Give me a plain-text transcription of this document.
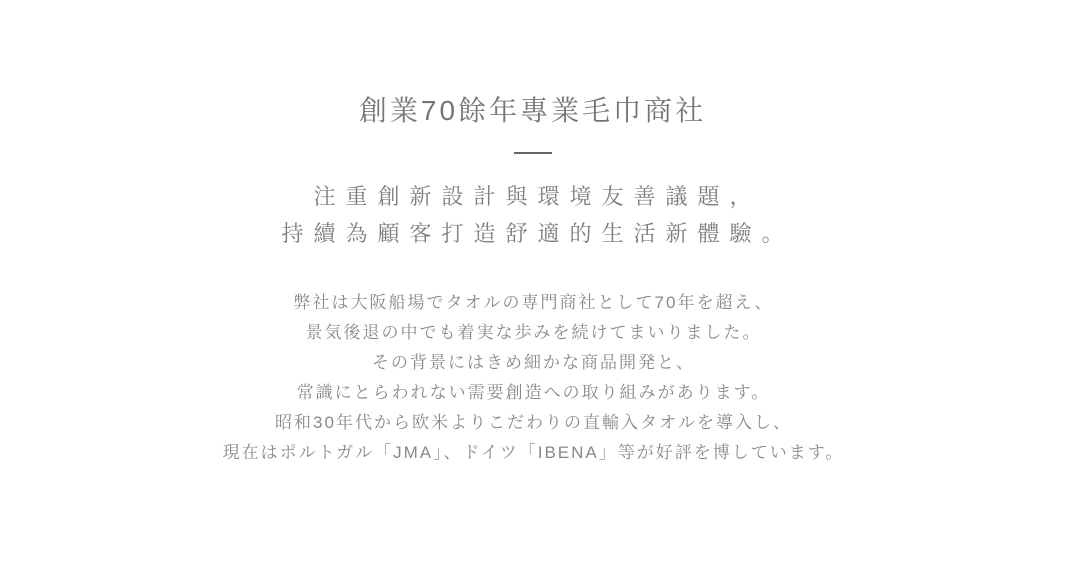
創業70餘年專業毛巾商社
注重創新設計與環境友善議題，
持續為顧客打造舒適的生活新體驗。
弊社は大阪船場でタオルの専門商社として70年を超え、
景気後退の中でも着実な歩みを続けてまいりました。
その背景にはきめ細かな商品開発と、
常識にとらわれない需要創造への取り組みがあります。
昭和30年代から欧米よりこだわりの直輸入タオルを導入し、
現在はポルトガル「JMA」、ドイツ「IBENA」等が好評を博しています。
